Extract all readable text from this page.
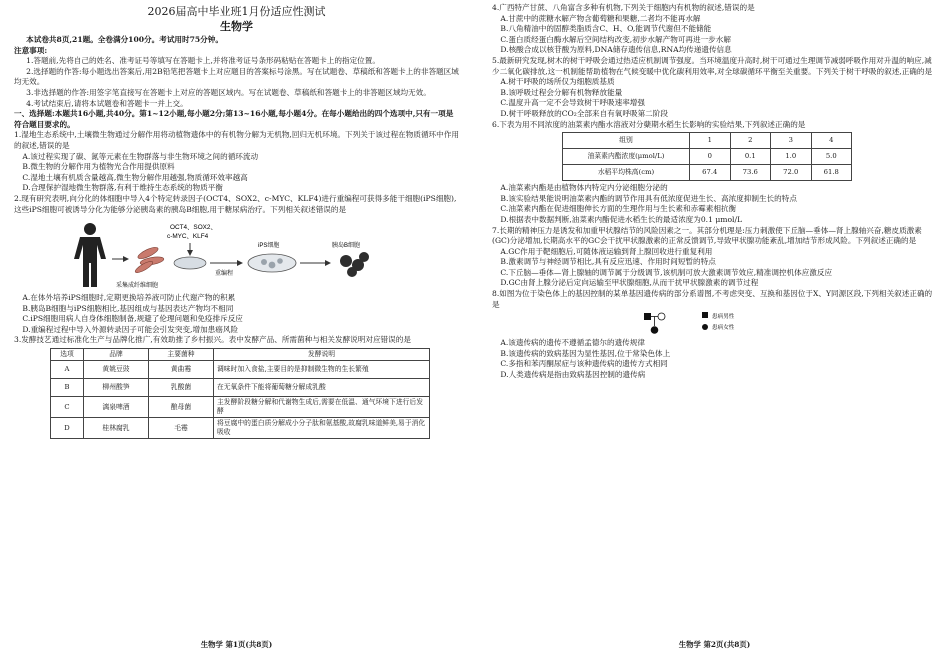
2026届高中毕业班1月份适应性测试
生物学

本试卷共8页,21题。全卷满分100分。考试用时75分钟。

注意事项:

1.答题前,先将自己的姓名、准考证号等填写在答题卡上,并将准考证号条形码粘贴在答题卡上的指定位置。

2.选择题的作答:每小题选出答案后,用2B铅笔把答题卡上对应题目的答案标号涂黑。写在试题卷、草稿纸和答题卡上的非答题区域均无效。

3.非选择题的作答:用签字笔直接写在答题卡上对应的答题区域内。写在试题卷、草稿纸和答题卡上的非答题区域均无效。

4.考试结束后,请将本试题卷和答题卡一并上交。

一、选择题:本题共16小题,共40分。第1~12小题,每小题2分;第13~16小题,每小题4分。在每小题给出的四个选项中,只有一项是符合题目要求的。

1.湿地生态系统中,土壤微生物通过分解作用将动植物遗体中的有机物分解为无机物,回归无机环境。下列关于该过程在物质循环中作用的叙述,错误的是

A.该过程实现了碳、氮等元素在生物群落与非生物环境之间的循环流动

B.微生物的分解作用为植物光合作用提供原料

C.湿地土壤有机质含量越高,微生物分解作用越强,物质循环效率越高

D.合理保护湿地微生物群落,有利于维持生态系统的物质平衡

2.现有研究表明,向分化的体细胞中导入4个特定转录因子(OCT4、SOX2、c-MYC、KLF4)进行重编程可获得多能干细胞(iPS细胞),这些iPS细胞可被诱导分化为能够分泌胰岛素的胰岛B细胞,用于糖尿病治疗。下列相关叙述错误的是

OCT4、SOX2、
c-MYC、KLF4
采集成纤维细胞
重编程
iPS细胞	胰岛B细胞

A.在体外培养iPS细胞时,定期更换培养液可防止代谢产物的积累

B.胰岛B细胞与iPS细胞相比,基因组成与基因表达产物均不相同

C.iPS细胞用病人自身体细胞制备,规避了伦理问题和免疫排斥反应

D.重编程过程中导入外源转录因子可能会引发突变,增加患癌风险

3.发酵技艺通过标准化生产与品牌化推广,有效助推了乡村振兴。表中发酵产品、所需菌种与相关发酵说明对应错误的是

选项	品牌	主要菌种	发酵说明
A	黄姚豆豉	黄曲霉	调味时加入食盐,主要目的是抑制微生物的生长繁殖
B	柳州酸笋	乳酸菌	在无氧条件下能将葡萄糖分解成乳酸
C	漓泉啤酒	酿母菌	主发酵阶段糖分解和代谢物生成后,需要在低温、通气环境下进行后发酵
D	桂林腐乳	毛霉	将豆腐中的蛋白质分解成小分子肽和氨基酸,故腐乳味道鲜美,易于消化吸收
生物学 第1页(共8页)

4.广西特产甘蔗、八角富含多种有机物,下列关于细胞内有机物的叙述,错误的是

A.甘蔗中的蔗糖水解产物含葡萄糖和果糖,二者均不能再水解

B.八角精油中的固醇类脂质含C、H、O,能调节代谢但不能储能

C.蛋白质经蛋白酶水解后空间结构改变,初步水解产物可再进一步水解

D.核酸合成以核苷酸为原料,DNA储存遗传信息,RNA均传递遗传信息

5.最新研究发现,树木的树干呼吸会通过热适应机制调节强度。当环境温度升高时,树干可通过生理调节减弱呼吸作用对升温的响应,减少二氧化碳排放,这一机制能帮助植物在气候变暖中优化碳利用效率,对全球碳循环平衡至关重要。下列关于树干呼吸的叙述,正确的是

A.树干呼吸的场所仅为细胞质基质

B.该呼吸过程会分解有机物释放能量

C.温度升高一定不会导致树干呼吸速率增强

D.树干呼吸释放的CO₂全部来自有氧呼吸第二阶段

6.下表为用不同浓度的油菜素内酯水溶液对分蘖期水稻生长影响的实验结果,下列叙述正确的是

组别	1	2	3	4
油菜素内酯浓度(μmol/L)	0	0.1	1.0	5.0
水稻平均株高(cm)	67.4	73.6	72.0	61.8

A.油菜素内酯是由植物体内特定内分泌细胞分泌的

B.该实验结果能说明油菜素内酯的调节作用具有低浓度促进生长、高浓度抑制生长的特点

C.油菜素内酯在促进细胞伸长方面的生理作用与生长素和赤霉素相抗衡

D.根据表中数据判断,油菜素内酯促进水稻生长的最适浓度为0.1 μmol/L

7.长期的精神压力是诱发和加重甲状腺结节的风险因素之一。其部分机理是:压力刺激使下丘脑—垂体—肾上腺轴兴奋,糖皮质激素(GC)分泌增加,长期高水平的GC会干扰甲状腺激素的正常反馈调节,导致甲状腺功能紊乱,增加结节形成风险。下列叙述正确的是

A.GC作用于靶细胞后,可随体液运输到肾上腺回收进行重复利用

B.激素调节与神经调节相比,具有反应迅速、作用时间短暂的特点

C.下丘脑—垂体—肾上腺轴的调节属于分级调节,该机制可放大激素调节效应,精准调控机体应激反应

D.GC由肾上腺分泌后定向运输至甲状腺细胞,从而干扰甲状腺激素的调节过程

8.如图为位于染色体上的基因控制的某单基因遗传病的部分系谱图,不考虑突变、互换和基因位于X、Y同源区段,下列相关叙述正确的是

患病男性
患病女性

A.该遗传病的遗传不遵循孟德尔的遗传规律

B.该遗传病的致病基因为显性基因,位于常染色体上

C.多指和苯丙酮尿症与该种遗传病的遗传方式相同

D.人类遗传病是指由致病基因控制的遗传病

生物学 第2页(共8页)
